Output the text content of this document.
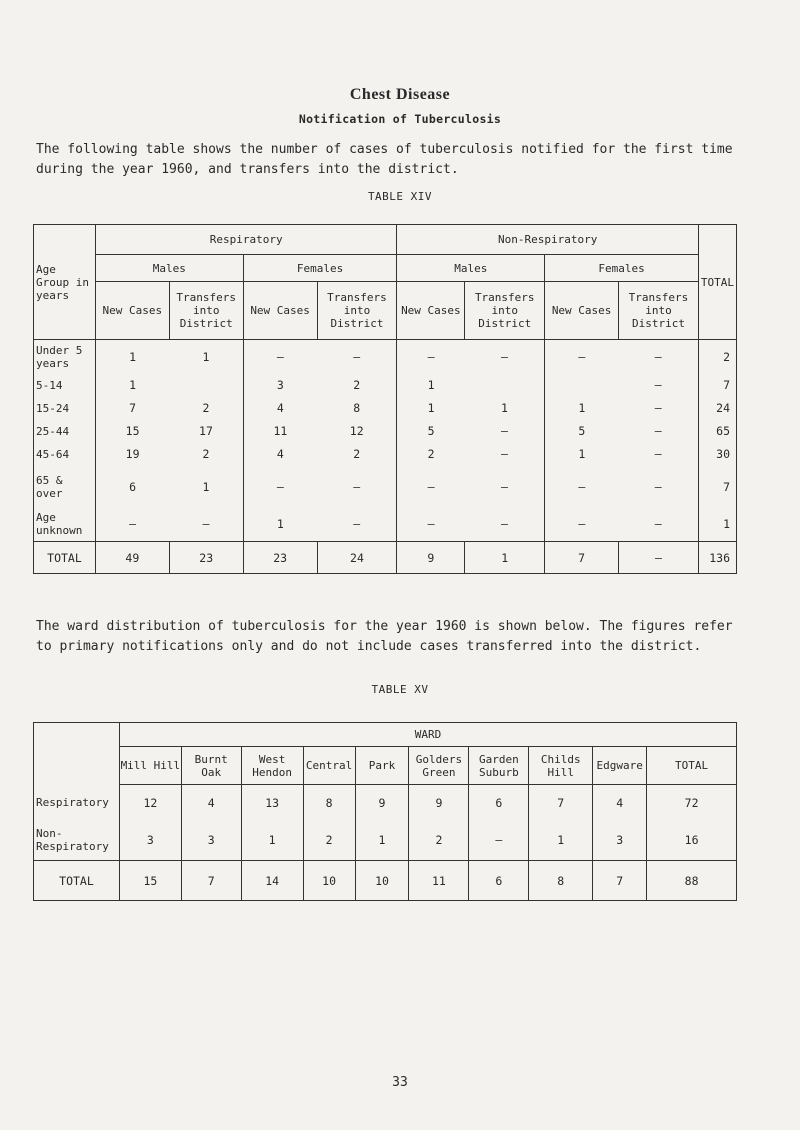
Chest Disease
Notification of Tuberculosis
The following table shows the number of cases of tuberculosis notified for the first time during the year 1960, and transfers into the district.
TABLE XIV
Age Group in years	Respiratory				Non-Respiratory				TOTAL
	Males		Females		Males		Females		
	New Cases	Transfers into District	New Cases	Transfers into District	New Cases	Transfers into District	New Cases	Transfers into District	
Under 5 years	1	1	–	–	–	–	–	–	2
5-14	1		3	2	1			–	7
15-24	7	2	4	8	1	1	1	–	24
25-44	15	17	11	12	5	–	5	–	65
45-64	19	2	4	2	2	–	1	–	30
65 & over	6	1	–	–	–	–	–	–	7
Age unknown	–	–	1	–	–	–	–	–	1
TOTAL	49	23	23	24	9	1	7	–	136
The ward distribution of tuberculosis for the year 1960 is shown below. The figures refer to primary notifications only and do not include cases transferred into the district.
TABLE XV
	WARD									
	Mill Hill	Burnt Oak	West Hendon	Central	Park	Golders Green	Garden Suburb	Childs Hill	Edgware	TOTAL
Respiratory	12	4	13	8	9	9	6	7	4	72
Non-Respiratory	3	3	1	2	1	2	–	1	3	16
TOTAL	15	7	14	10	10	11	6	8	7	88
33
